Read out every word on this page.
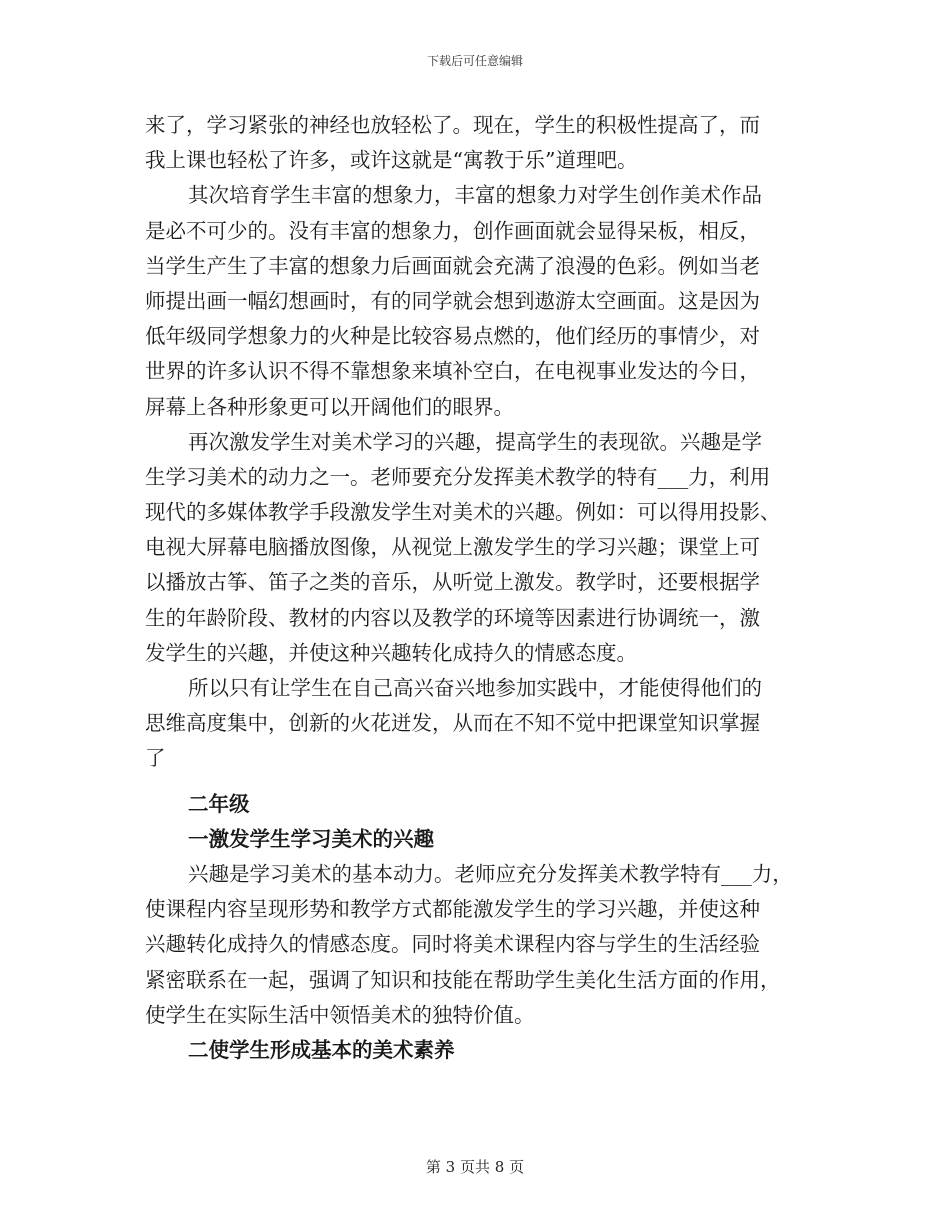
下载后可任意编辑
来了，学习紧张的神经也放轻松了。现在，学生的积极性提高了，而
我上课也轻松了许多，或许这就是“寓教于乐”道理吧。
其次培育学生丰富的想象力，丰富的想象力对学生创作美术作品
是必不可少的。没有丰富的想象力，创作画面就会显得呆板，相反，
当学生产生了丰富的想象力后画面就会充满了浪漫的色彩。例如当老
师提出画一幅幻想画时，有的同学就会想到遨游太空画面。这是因为
低年级同学想象力的火种是比较容易点燃的，他们经历的事情少，对
世界的许多认识不得不靠想象来填补空白，在电视事业发达的今日，
屏幕上各种形象更可以开阔他们的眼界。
再次激发学生对美术学习的兴趣，提高学生的表现欲。兴趣是学
生学习美术的动力之一。老师要充分发挥美术教学的特有___力，利用
现代的多媒体教学手段激发学生对美术的兴趣。例如：可以得用投影、
电视大屏幕电脑播放图像，从视觉上激发学生的学习兴趣；课堂上可
以播放古筝、笛子之类的音乐，从听觉上激发。教学时，还要根据学
生的年龄阶段、教材的内容以及教学的环境等因素进行协调统一，激
发学生的兴趣，并使这种兴趣转化成持久的情感态度。
所以只有让学生在自己高兴奋兴地参加实践中，才能使得他们的
思维高度集中，创新的火花迸发，从而在不知不觉中把课堂知识掌握
了
二年级
一激发学生学习美术的兴趣
兴趣是学习美术的基本动力。老师应充分发挥美术教学特有___力，
使课程内容呈现形势和教学方式都能激发学生的学习兴趣，并使这种
兴趣转化成持久的情感态度。同时将美术课程内容与学生的生活经验
紧密联系在一起，强调了知识和技能在帮助学生美化生活方面的作用，
使学生在实际生活中领悟美术的独特价值。
二使学生形成基本的美术素养
第 3 页共 8 页
